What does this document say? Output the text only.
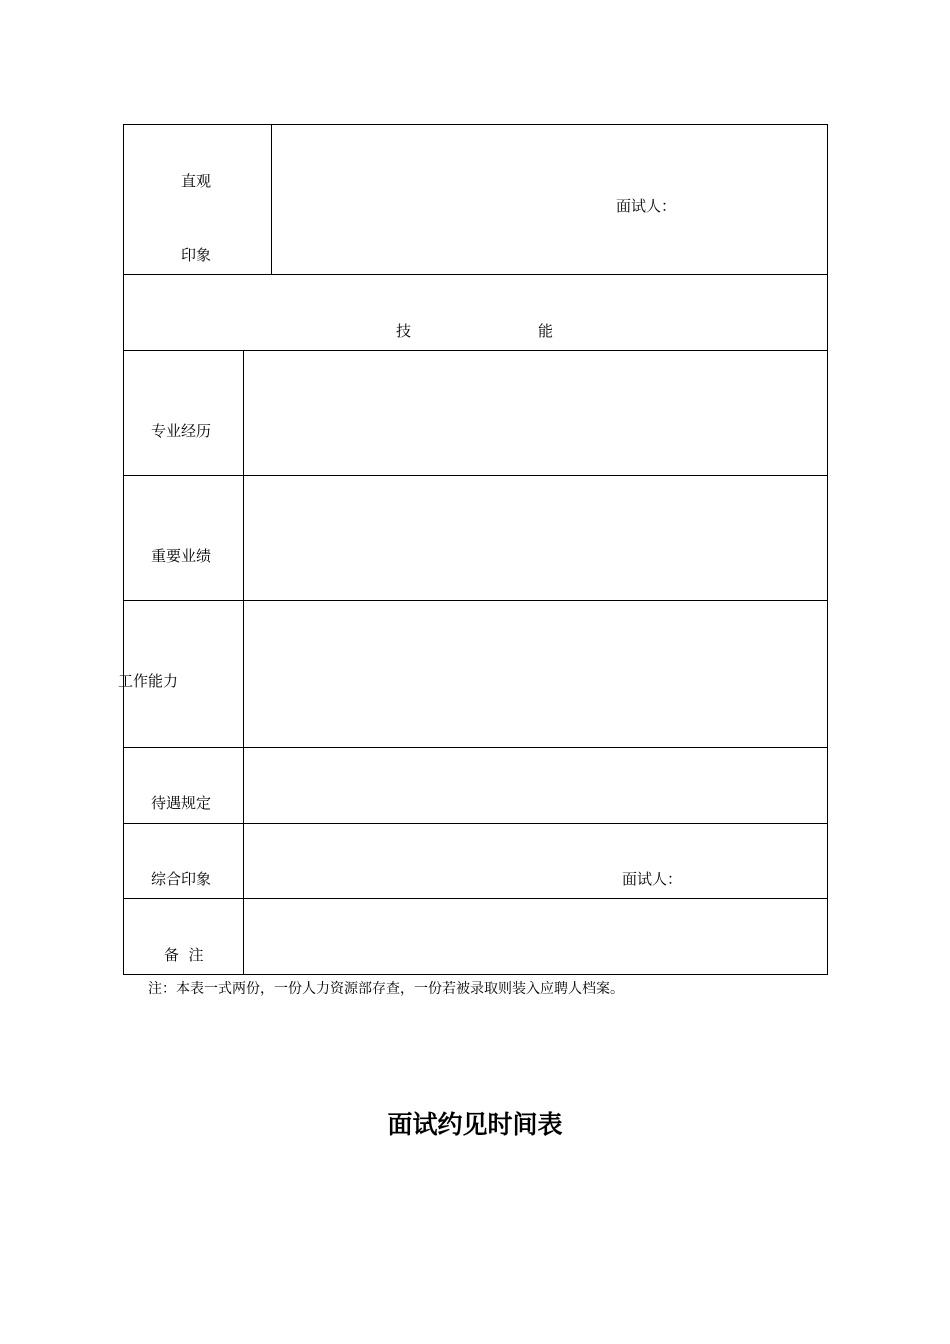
直观
印象
面试人：
技	能
专业经历
重要业绩
工作能力
待遇规定
综合印象	面试人：
备  注
注：本表一式两份，一份人力资源部存查，一份若被录取则装入应聘人档案。
面试约见时间表
